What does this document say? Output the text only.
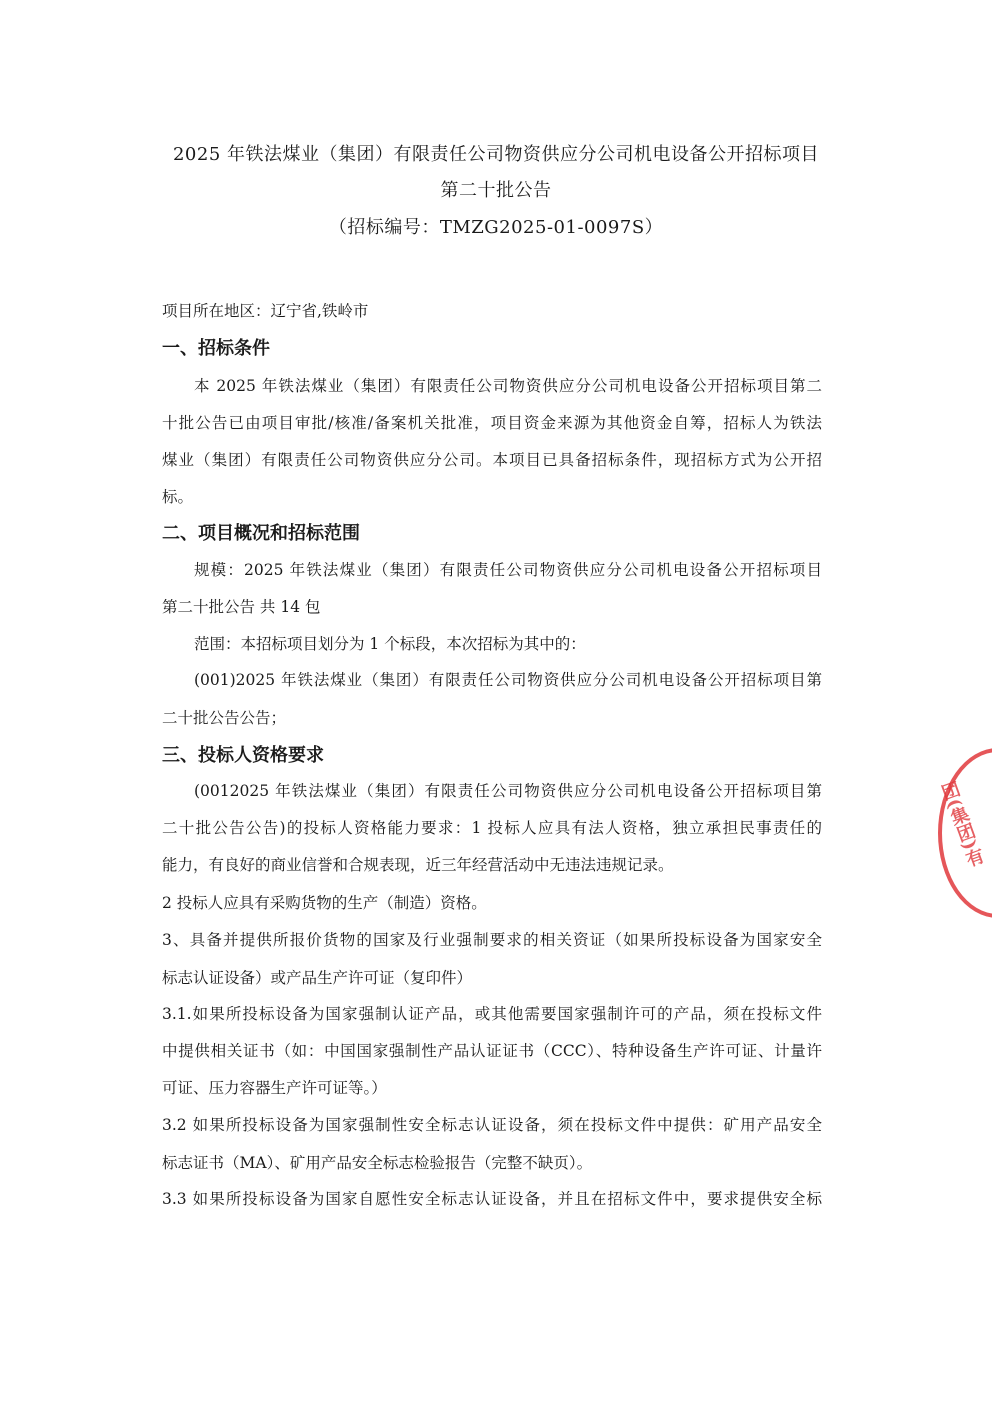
2025 年铁法煤业（集团）有限责任公司物资供应分公司机电设备公开招标项目
第二十批公告
（招标编号：TMZG2025-01-0097S）
项目所在地区：辽宁省,铁岭市
一、招标条件
本 2025 年铁法煤业（集团）有限责任公司物资供应分公司机电设备公开招标项目第二
十批公告已由项目审批/核准/备案机关批准，项目资金来源为其他资金自筹，招标人为铁法
煤业（集团）有限责任公司物资供应分公司。本项目已具备招标条件，现招标方式为公开招
标。
二、项目概况和招标范围
规模：2025 年铁法煤业（集团）有限责任公司物资供应分公司机电设备公开招标项目
第二十批公告 共 14 包
范围：本招标项目划分为 1 个标段，本次招标为其中的：
(001)2025 年铁法煤业（集团）有限责任公司物资供应分公司机电设备公开招标项目第
二十批公告公告；
三、投标人资格要求
(0012025 年铁法煤业（集团）有限责任公司物资供应分公司机电设备公开招标项目第
二十批公告公告)的投标人资格能力要求：1 投标人应具有法人资格，独立承担民事责任的
能力，有良好的商业信誉和合规表现，近三年经营活动中无违法违规记录。
2 投标人应具有采购货物的生产（制造）资格。
3、具备并提供所报价货物的国家及行业强制要求的相关资证（如果所投标设备为国家安全
标志认证设备）或产品生产许可证（复印件）
3.1.如果所投标设备为国家强制认证产品，或其他需要国家强制许可的产品，须在投标文件
中提供相关证书（如：中国国家强制性产品认证证书（CCC）、特种设备生产许可证、计量许
可证、压力容器生产许可证等。）
3.2 如果所投标设备为国家强制性安全标志认证设备，须在投标文件中提供：矿用产品安全
标志证书（MA）、矿用产品安全标志检验报告（完整不缺页）。
3.3 如果所投标设备为国家自愿性安全标志认证设备，并且在招标文件中，要求提供安全标
团(集团)有
